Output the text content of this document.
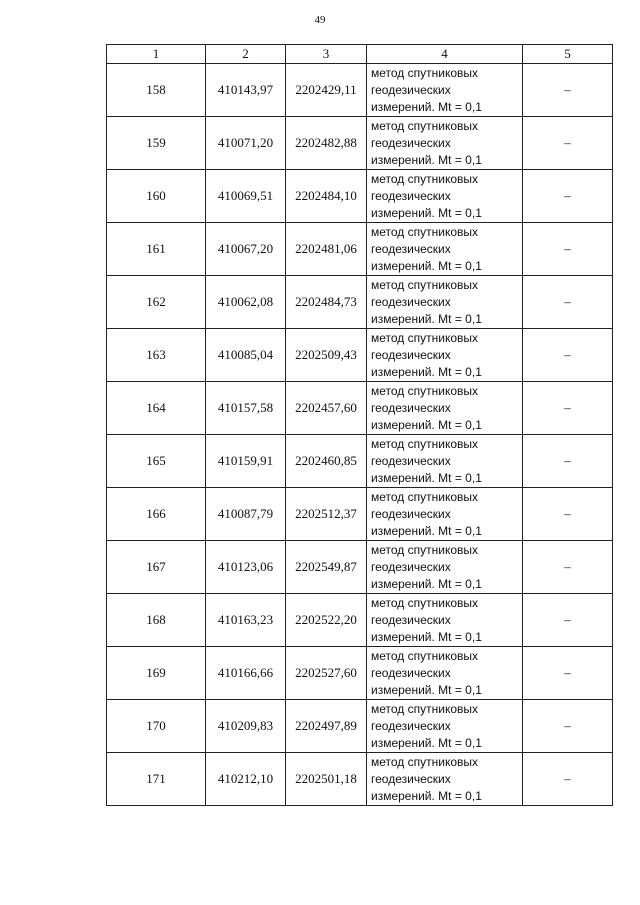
49
1	2	3	4	5
158	410143,97	2202429,11	метод спутниковых
геодезических
измерений. Mt = 0,1	–
159	410071,20	2202482,88	метод спутниковых
геодезических
измерений. Mt = 0,1	–
160	410069,51	2202484,10	метод спутниковых
геодезических
измерений. Mt = 0,1	–
161	410067,20	2202481,06	метод спутниковых
геодезических
измерений. Mt = 0,1	–
162	410062,08	2202484,73	метод спутниковых
геодезических
измерений. Mt = 0,1	–
163	410085,04	2202509,43	метод спутниковых
геодезических
измерений. Mt = 0,1	–
164	410157,58	2202457,60	метод спутниковых
геодезических
измерений. Mt = 0,1	–
165	410159,91	2202460,85	метод спутниковых
геодезических
измерений. Mt = 0,1	–
166	410087,79	2202512,37	метод спутниковых
геодезических
измерений. Mt = 0,1	–
167	410123,06	2202549,87	метод спутниковых
геодезических
измерений. Mt = 0,1	–
168	410163,23	2202522,20	метод спутниковых
геодезических
измерений. Mt = 0,1	–
169	410166,66	2202527,60	метод спутниковых
геодезических
измерений. Mt = 0,1	–
170	410209,83	2202497,89	метод спутниковых
геодезических
измерений. Mt = 0,1	–
171	410212,10	2202501,18	метод спутниковых
геодезических
измерений. Mt = 0,1	–
